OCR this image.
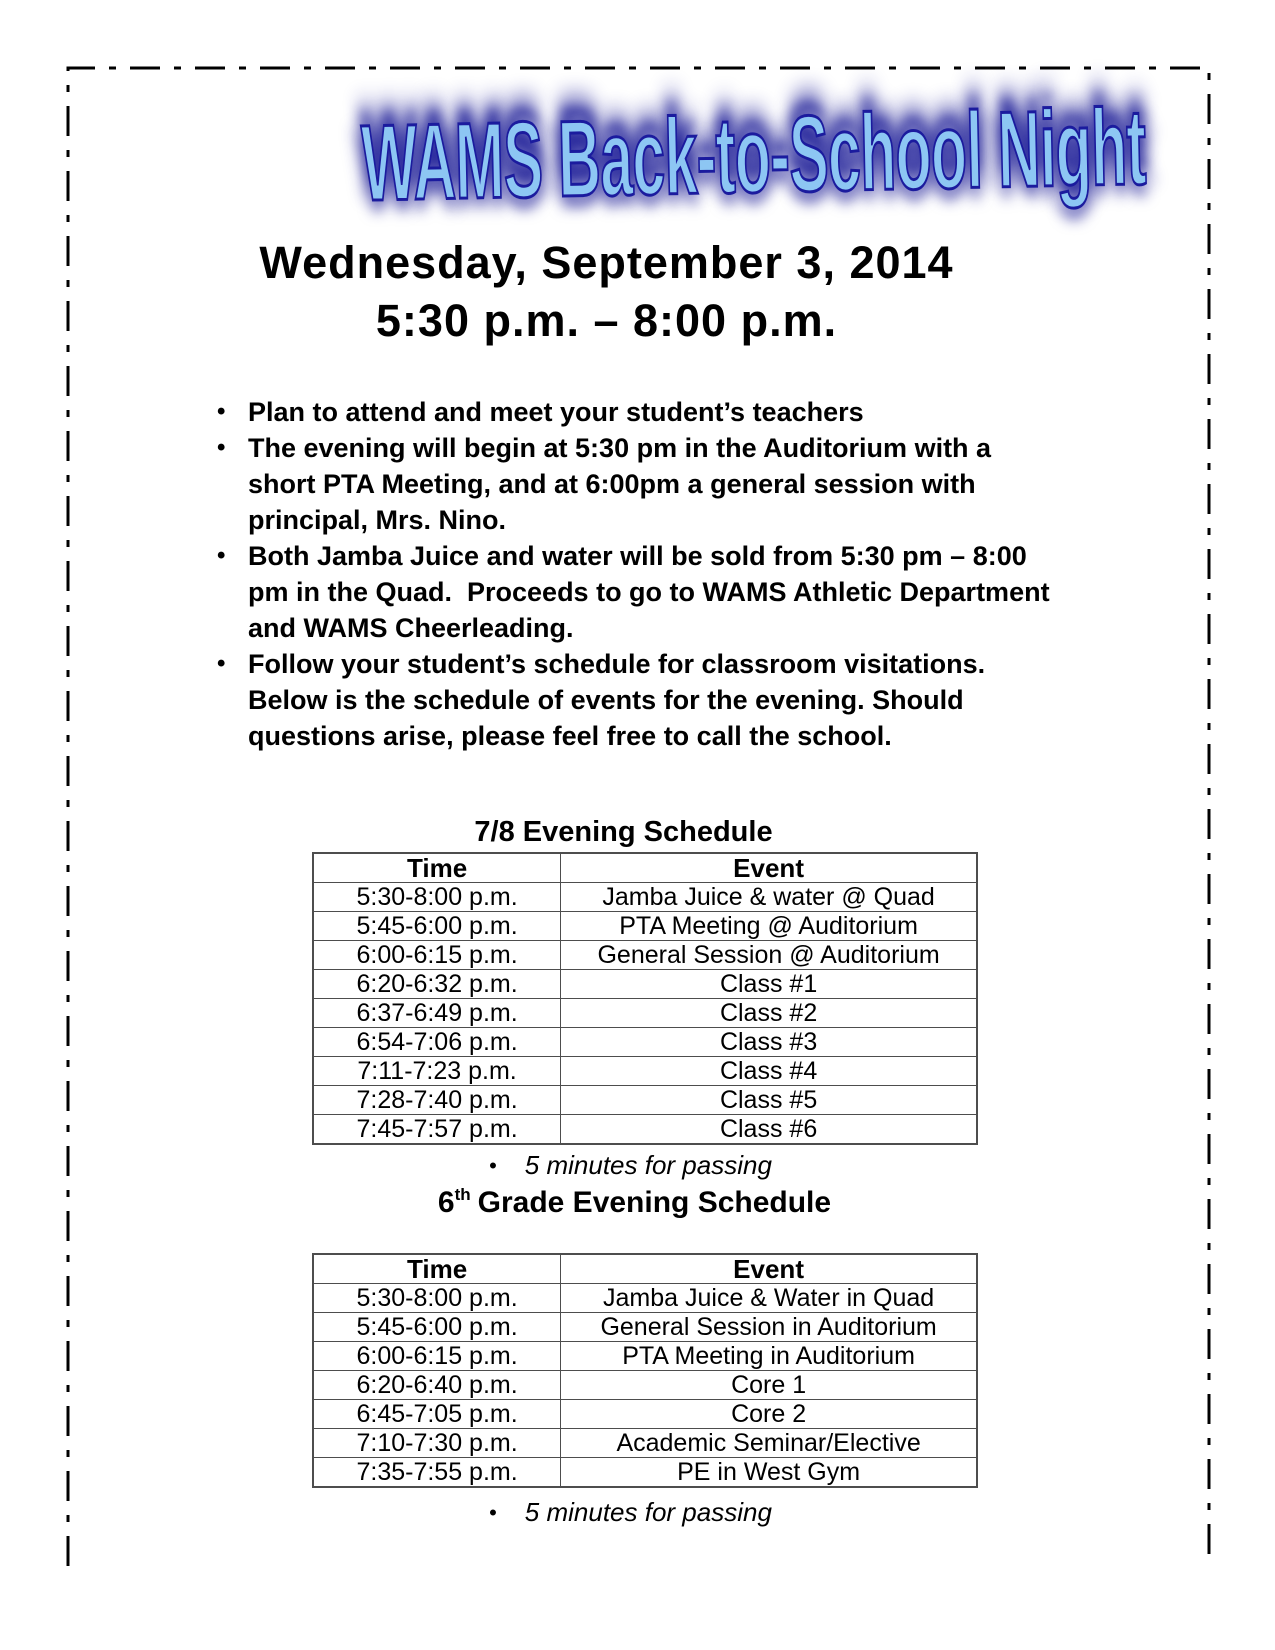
WAMS Back-to-School Night
Wednesday, September 3, 2014
5:30 p.m. – 8:00 p.m.
• Plan to attend and meet your student’s teachers
• The evening will begin at 5:30 pm in the Auditorium with a short PTA Meeting, and at 6:00pm a general session with principal, Mrs. Nino.
• Both Jamba Juice and water will be sold from 5:30 pm – 8:00 pm in the Quad.  Proceeds to go to WAMS Athletic Department and WAMS Cheerleading.
• Follow your student’s schedule for classroom visitations. Below is the schedule of events for the evening. Should questions arise, please feel free to call the school.
7/8 Evening Schedule
Time	Event
5:30-8:00 p.m.	Jamba Juice & water @ Quad
5:45-6:00 p.m.	PTA Meeting @ Auditorium
6:00-6:15 p.m.	General Session @ Auditorium
6:20-6:32 p.m.	Class #1
6:37-6:49 p.m.	Class #2
6:54-7:06 p.m.	Class #3
7:11-7:23 p.m.	Class #4
7:28-7:40 p.m.	Class #5
7:45-7:57 p.m.	Class #6
• 5 minutes for passing
6th Grade Evening Schedule
Time	Event
5:30-8:00 p.m.	Jamba Juice & Water in Quad
5:45-6:00 p.m.	General Session in Auditorium
6:00-6:15 p.m.	PTA Meeting in Auditorium
6:20-6:40 p.m.	Core 1
6:45-7:05 p.m.	Core 2
7:10-7:30 p.m.	Academic Seminar/Elective
7:35-7:55 p.m.	PE in West Gym
• 5 minutes for passing
